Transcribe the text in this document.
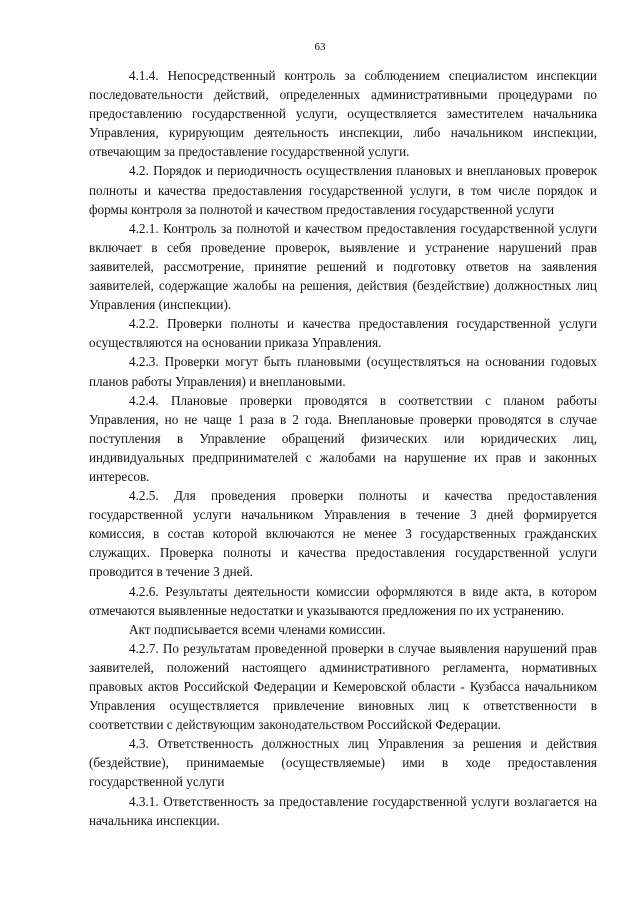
63

4.1.4. Непосредственный контроль за соблюдением специалистом инспекции последовательности действий, определенных административными процедурами по предоставлению государственной услуги, осуществляется заместителем начальника Управления, курирующим деятельность инспекции, либо начальником инспекции, отвечающим за предоставление государственной услуги.

4.2. Порядок и периодичность осуществления плановых и внеплановых проверок полноты и качества предоставления государственной услуги, в том числе порядок и формы контроля за полнотой и качеством предоставления государственной услуги

4.2.1. Контроль за полнотой и качеством предоставления государственной услуги включает в себя проведение проверок, выявление и устранение нарушений прав заявителей, рассмотрение, принятие решений и подготовку ответов на заявления заявителей, содержащие жалобы на решения, действия (бездействие) должностных лиц Управления (инспекции).

4.2.2. Проверки полноты и качества предоставления государственной услуги осуществляются на основании приказа Управления.

4.2.3. Проверки могут быть плановыми (осуществляться на основании годовых планов работы Управления) и внеплановыми.

4.2.4. Плановые проверки проводятся в соответствии с планом работы Управления, но не чаще 1 раза в 2 года. Внеплановые проверки проводятся в случае поступления в Управление обращений физических или юридических лиц, индивидуальных предпринимателей с жалобами на нарушение их прав и законных интересов.

4.2.5. Для проведения проверки полноты и качества предоставления государственной услуги начальником Управления в течение 3 дней формируется комиссия, в состав которой включаются не менее 3 государственных гражданских служащих. Проверка полноты и качества предоставления государственной услуги проводится в течение 3 дней.

4.2.6. Результаты деятельности комиссии оформляются в виде акта, в котором отмечаются выявленные недостатки и указываются предложения по их устранению.

Акт подписывается всеми членами комиссии.

4.2.7. По результатам проведенной проверки в случае выявления нарушений прав заявителей, положений настоящего административного регламента, нормативных правовых актов Российской Федерации и Кемеровской области - Кузбасса начальником Управления осуществляется привлечение виновных лиц к ответственности в соответствии с действующим законодательством Российской Федерации.

4.3. Ответственность должностных лиц Управления за решения и действия (бездействие), принимаемые (осуществляемые) ими в ходе предоставления государственной услуги

4.3.1. Ответственность за предоставление государственной услуги возлагается на начальника инспекции.
